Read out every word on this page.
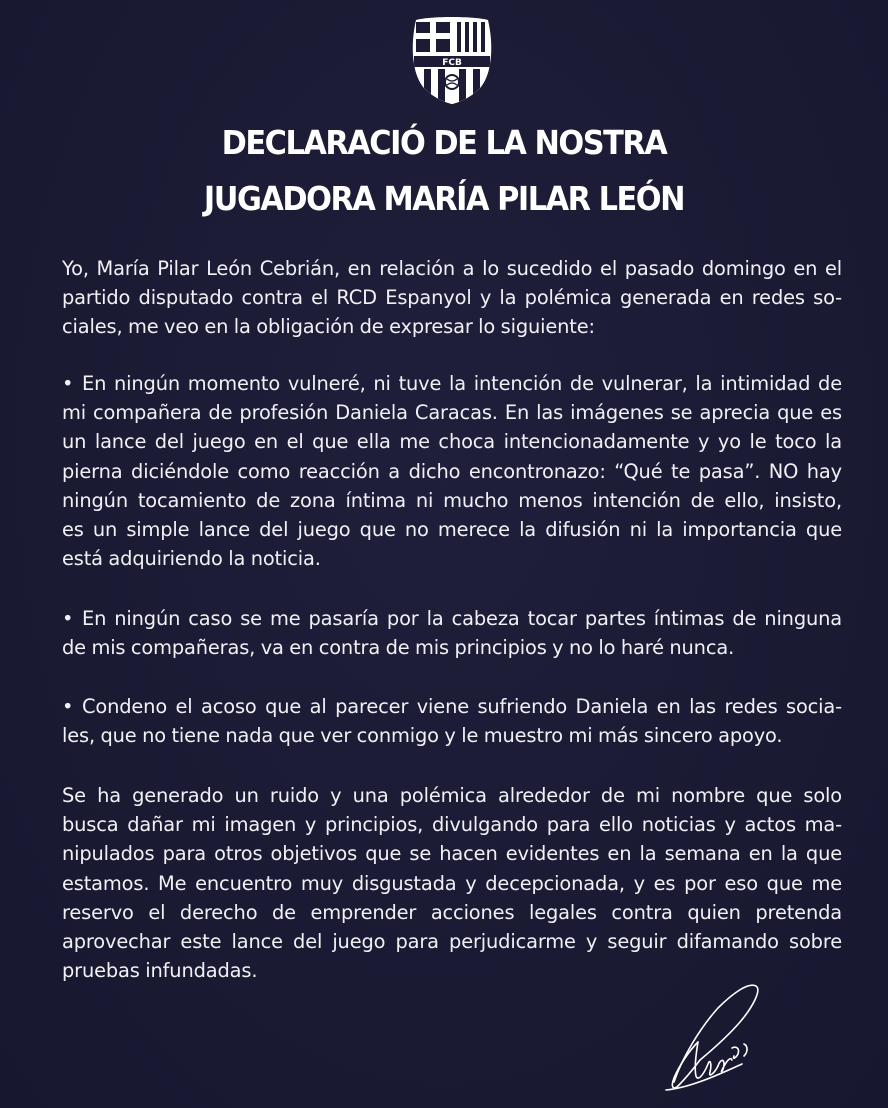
FCB
DECLARACIÓ DE LA NOSTRA
JUGADORA MARÍA PILAR LEÓN
Yo, María Pilar León Cebrián, en relación a lo sucedido el pasado domingo en el
partido disputado contra el RCD Espanyol y la polémica generada en redes so-
ciales, me veo en la obligación de expresar lo siguiente:
• En ningún momento vulneré, ni tuve la intención de vulnerar, la intimidad de
mi compañera de profesión Daniela Caracas. En las imágenes se aprecia que es
un lance del juego en el que ella me choca intencionadamente y yo le toco la
pierna diciéndole como reacción a dicho encontronazo: “Qué te pasa”. NO hay
ningún tocamiento de zona íntima ni mucho menos intención de ello, insisto,
es un simple lance del juego que no merece la difusión ni la importancia que
está adquiriendo la noticia.
• En ningún caso se me pasaría por la cabeza tocar partes íntimas de ninguna
de mis compañeras, va en contra de mis principios y no lo haré nunca.
• Condeno el acoso que al parecer viene sufriendo Daniela en las redes socia-
les, que no tiene nada que ver conmigo y le muestro mi más sincero apoyo.
Se ha generado un ruido y una polémica alrededor de mi nombre que solo
busca dañar mi imagen y principios, divulgando para ello noticias y actos ma-
nipulados para otros objetivos que se hacen evidentes en la semana en la que
estamos. Me encuentro muy disgustada y decepcionada, y es por eso que me
reservo el derecho de emprender acciones legales contra quien pretenda
aprovechar este lance del juego para perjudicarme y seguir difamando sobre
pruebas infundadas.
